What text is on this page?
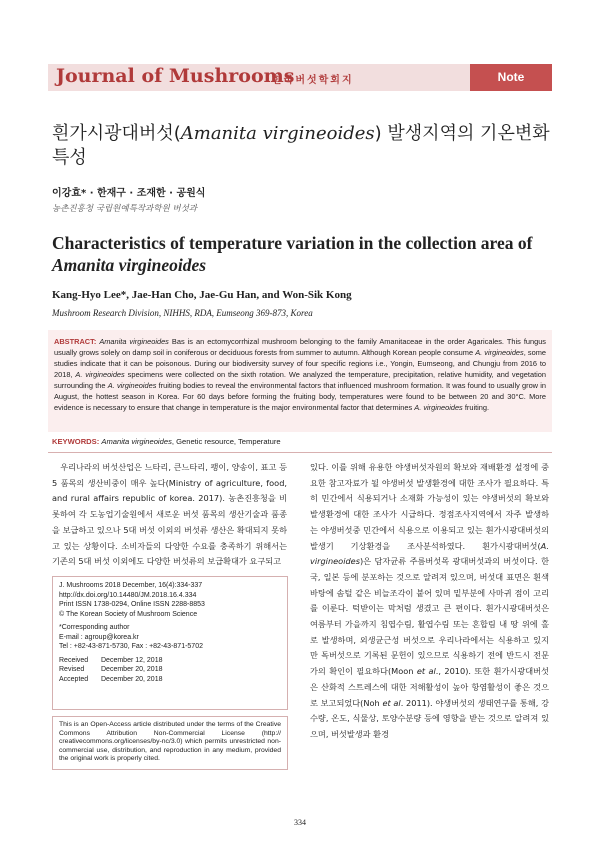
Journal of Mushrooms
한국버섯학회지	Note
흰가시광대버섯(Amanita virgineoides) 발생지역의 기온변화 특성
이강효* · 한재구 · 조재한 · 공원식
농촌진흥청 국립원예특작과학원 버섯과
Characteristics of temperature variation in the collection area of
Amanita virgineoides
Kang-Hyo Lee*, Jae-Han Cho, Jae-Gu Han, and Won-Sik Kong
Mushroom Research Division, NIHHS, RDA, Eumseong 369-873, Korea
ABSTRACT: Amanita virgineoides Bas is an ectomycorrhizal mushroom belonging to the family Amanitaceae in the order Agaricales. This fungus usually grows solely on damp soil in coniferous or deciduous forests from summer to autumn. Although Korean people consume A. virgineoides, some studies indicate that it can be poisonous. During our biodiversity survey of four specific regions i.e., Yongin, Eumseong, and Chungju from 2016 to 2018, A. virgineoides specimens were collected on the sixth rotation. We analyzed the temperature, precipitation, relative humidity, and vegetation surrounding the A. virgineoides fruiting bodies to reveal the environmental factors that influenced mushroom formation. It was found to usually grow in August, the hottest season in Korea. For 60 days before forming the fruiting body, temperatures were found to be between 20 and 30°C. More evidence is necessary to ensure that change in temperature is the major environmental factor that determines A. virgineoides fruiting.
KEYWORDS: Amanita virgineoides, Genetic resource, Temperature

우리나라의 버섯산업은 느타리, 큰느타리, 팽이, 양송이, 표고 등 5 품목의 생산비중이 매우 높다(Ministry of agriculture, food, and rural affairs republic of korea. 2017). 농촌진흥청을 비롯하여 각 도농업기술원에서 새로운 버섯 품목의 생산기술과 품종을 보급하고 있으나 5대 버섯 이외의 버섯류 생산은 확대되지 못하고 있는 상황이다. 소비자들의 다양한 수요를 충족하기 위해서는 기존의 5대 버섯 이외에도 다양한 버섯류의 보급확대가 요구되고

J. Mushrooms 2018 December, 16(4):334-337
http://dx.doi.org/10.14480/JM.2018.16.4.334
Print ISSN 1738-0294, Online ISSN 2288-8853
© The Korean Society of Mushroom Science
*Corresponding author
E-mail : agroup@korea.kr
Tel : +82-43-871-5730, Fax : +82-43-871-5702
Received December 12, 2018
Revised December 20, 2018
Accepted December 20, 2018
This is an Open-Access article distributed under the terms of the Creative Commons Attribution Non-Commercial License (http:// creativecommons.org/licenses/by-nc/3.0) which permits unrestricted non-commercial use, distribution, and reproduction in any medium, provided the original work is properly cited.

있다. 이를 위해 유용한 야생버섯자원의 확보와 재배환경 설정에 중요한 참고자료가 될 야생버섯 발생환경에 대한 조사가 필요하다. 특히 민간에서 식용되거나 소재화 가능성이 있는 야생버섯의 확보와 발생환경에 대한 조사가 시급하다. 정점조사지역에서 자주 발생하는 야생버섯중 민간에서 식용으로 이용되고 있는 흰가시광대버섯의 발생기 기상환경을 조사분석하였다. 흰가시광대버섯(A. virgineoides)은 담자균류 주름버섯목 광대버섯과의 버섯이다. 한국, 일본 등에 분포하는 것으로 알려져 있으며, 버섯대 표면은 흰색 바탕에 솜털 같은 비늘조각이 붙어 있며 밑부분에 사마귀 점이 고리를 이룬다. 턱받이는 막처럼 생겼고 큰 편이다. 흰가시광대버섯은 여름부터 가을까지 침엽수림, 활엽수림 또는 혼합림 내 땅 위에 홀로 발생하며, 외생균근성 버섯으로 우리나라에서는 식용하고 있지만 독버섯으로 기록된 문헌이 있으므로 식용하기 전에 반드시 전문가의 확인이 필요하다(Moon et al., 2010). 또한 흰가시광대버섯은 산화적 스트레스에 대한 저해활성이 높아 항염활성이 좋은 것으로 보고되었다(Noh et al. 2011). 야생버섯의 생태연구를 통해, 강수량, 온도, 식물상, 토양수분량 등에 영향을 받는 것으로 알려져 있으며, 버섯발생과 환경

334
